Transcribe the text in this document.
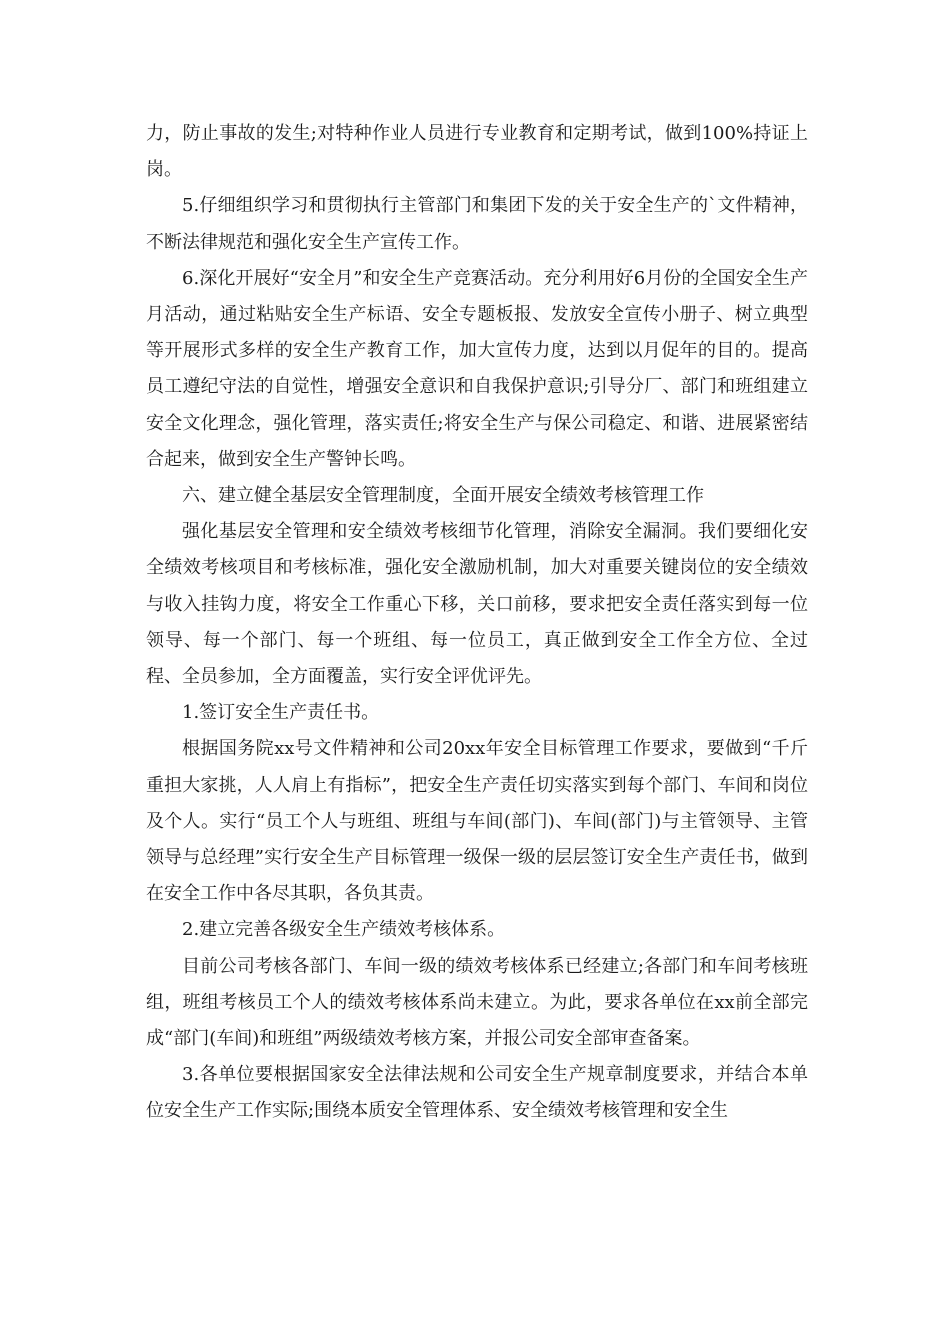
力，防止事故的发生;对特种作业人员进行专业教育和定期考试，做到100%持证上岗。

5.仔细组织学习和贯彻执行主管部门和集团下发的关于安全生产的`文件精神，不断法律规范和强化安全生产宣传工作。

6.深化开展好“安全月”和安全生产竞赛活动。充分利用好6月份的全国安全生产月活动，通过粘贴安全生产标语、安全专题板报、发放安全宣传小册子、树立典型等开展形式多样的安全生产教育工作，加大宣传力度，达到以月促年的目的。提高员工遵纪守法的自觉性，增强安全意识和自我保护意识;引导分厂、部门和班组建立安全文化理念，强化管理，落实责任;将安全生产与保公司稳定、和谐、进展紧密结合起来，做到安全生产警钟长鸣。

六、建立健全基层安全管理制度，全面开展安全绩效考核管理工作

强化基层安全管理和安全绩效考核细节化管理，消除安全漏洞。我们要细化安全绩效考核项目和考核标准，强化安全激励机制，加大对重要关键岗位的安全绩效与收入挂钩力度，将安全工作重心下移，关口前移，要求把安全责任落实到每一位领导、每一个部门、每一个班组、每一位员工，真正做到安全工作全方位、全过程、全员参加，全方面覆盖，实行安全评优评先。

1.签订安全生产责任书。

根据国务院xx号文件精神和公司20xx年安全目标管理工作要求，要做到“千斤重担大家挑，人人肩上有指标”，把安全生产责任切实落实到每个部门、车间和岗位及个人。实行“员工个人与班组、班组与车间(部门)、车间(部门)与主管领导、主管领导与总经理”实行安全生产目标管理一级保一级的层层签订安全生产责任书，做到在安全工作中各尽其职，各负其责。

2.建立完善各级安全生产绩效考核体系。

目前公司考核各部门、车间一级的绩效考核体系已经建立;各部门和车间考核班组，班组考核员工个人的绩效考核体系尚未建立。为此，要求各单位在xx前全部完成“部门(车间)和班组”两级绩效考核方案，并报公司安全部审查备案。

3.各单位要根据国家安全法律法规和公司安全生产规章制度要求，并结合本单位安全生产工作实际;围绕本质安全管理体系、安全绩效考核管理和安全生
